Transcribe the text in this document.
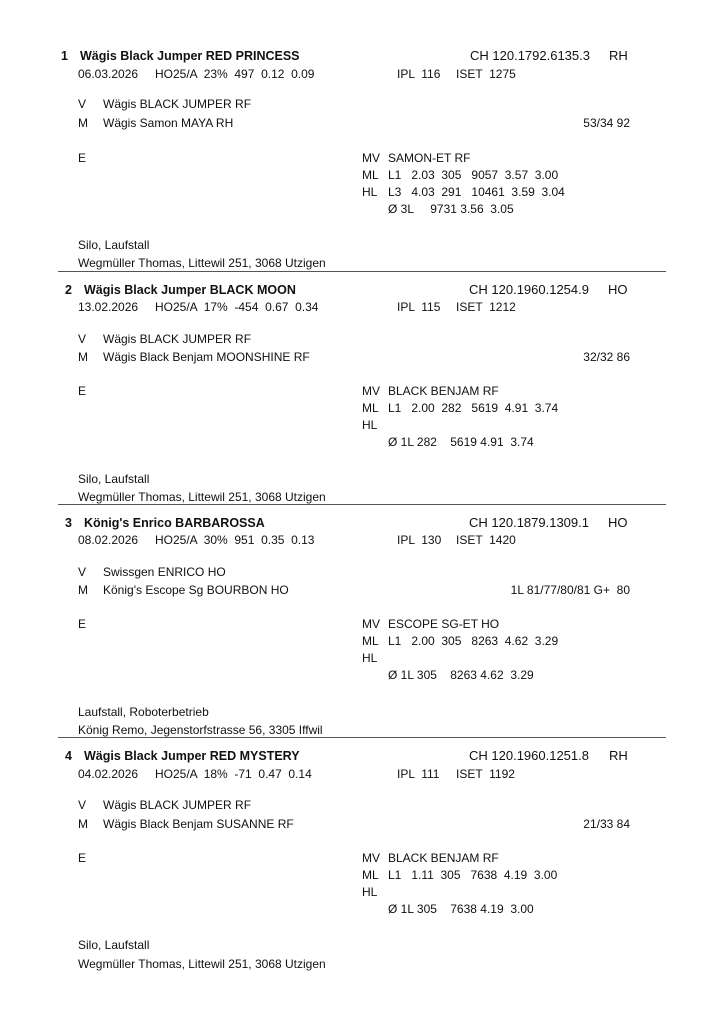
1 Wägis Black Jumper RED PRINCESS	CH 120.1792.6135.3 RH
06.03.2026 HO25/A  23%  497  0.12  0.09	IPL  116 ISET  1275
V Wägis BLACK JUMPER RF
M Wägis Samon MAYA RH	53/34 92
E	MV SAMON-ET RF
ML L1   2.03  305   9057  3.57  3.00
HL L3   4.03  291   10461  3.59  3.04
Ø 3L     9731 3.56  3.05
Silo, Laufstall
Wegmüller Thomas, Littewil 251, 3068 Utzigen
2 Wägis Black Jumper BLACK MOON	CH 120.1960.1254.9 HO
13.02.2026 HO25/A  17%  -454  0.67  0.34	IPL  115 ISET  1212
V Wägis BLACK JUMPER RF
M Wägis Black Benjam MOONSHINE RF	32/32 86
E	MV BLACK BENJAM RF
ML L1   2.00  282   5619  4.91  3.74
HL
Ø 1L 282    5619 4.91  3.74
Silo, Laufstall
Wegmüller Thomas, Littewil 251, 3068 Utzigen
3 König's Enrico BARBAROSSA	CH 120.1879.1309.1 HO
08.02.2026 HO25/A  30%  951  0.35  0.13	IPL  130 ISET  1420
V Swissgen ENRICO HO
M König's Escope Sg BOURBON HO	1L 81/77/80/81 G+  80
E	MV ESCOPE SG-ET HO
ML L1   2.00  305   8263  4.62  3.29
HL
Ø 1L 305    8263 4.62  3.29
Laufstall, Roboterbetrieb
König Remo, Jegenstorfstrasse 56, 3305 Iffwil
4 Wägis Black Jumper RED MYSTERY	CH 120.1960.1251.8 RH
04.02.2026 HO25/A  18%  -71  0.47  0.14	IPL  111 ISET  1192
V Wägis BLACK JUMPER RF
M Wägis Black Benjam SUSANNE RF	21/33 84
E	MV BLACK BENJAM RF
ML L1   1.11  305   7638  4.19  3.00
HL
Ø 1L 305    7638 4.19  3.00
Silo, Laufstall
Wegmüller Thomas, Littewil 251, 3068 Utzigen
